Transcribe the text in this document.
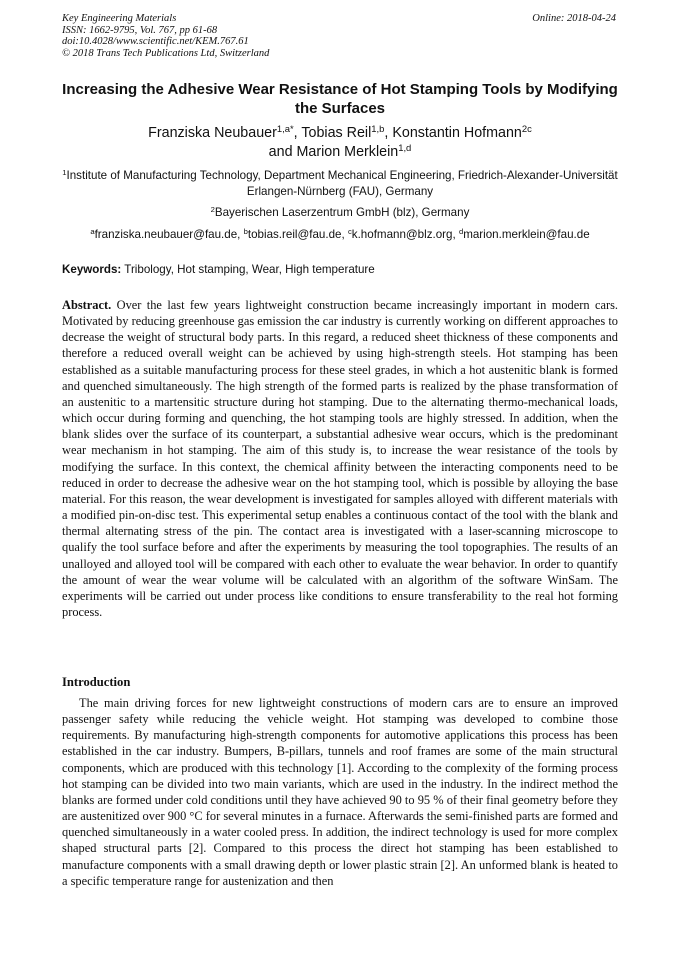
Key Engineering Materials
ISSN: 1662-9795, Vol. 767, pp 61-68
doi:10.4028/www.scientific.net/KEM.767.61
© 2018 Trans Tech Publications Ltd, Switzerland
Online: 2018-04-24
Increasing the Adhesive Wear Resistance of Hot Stamping Tools by Modifying the Surfaces
Franziska Neubauer$^{1,a*}$, Tobias Reil$^{1,b}$, Konstantin Hofmann$^{2c}$
and Marion Merklein$^{1,d}$
$^1$Institute of Manufacturing Technology, Department Mechanical Engineering, Friedrich-Alexander-Universität Erlangen-Nürnberg (FAU), Germany
$^2$Bayerischen Laserzentrum GmbH (blz), Germany
$^a$franziska.neubauer@fau.de, $^b$tobias.reil@fau.de, $^c$k.hofmann@blz.org, $^d$marion.merklein@fau.de
Keywords: Tribology, Hot stamping, Wear, High temperature
Abstract. Over the last few years lightweight construction became increasingly important in modern cars. Motivated by reducing greenhouse gas emission the car industry is currently working on different approaches to decrease the weight of structural body parts. In this regard, a reduced sheet thickness of these components and therefore a reduced overall weight can be achieved by using high-strength steels. Hot stamping has been established as a suitable manufacturing process for these steel grades, in which a hot austenitic blank is formed and quenched simultaneously. The high strength of the formed parts is realized by the phase transformation of an austenitic to a martensitic structure during hot stamping. Due to the alternating thermo-mechanical loads, which occur during forming and quenching, the hot stamping tools are highly stressed. In addition, when the blank slides over the surface of its counterpart, a substantial adhesive wear occurs, which is the predominant wear mechanism in hot stamping. The aim of this study is, to increase the wear resistance of the tools by modifying the surface. In this context, the chemical affinity between the interacting components need to be reduced in order to decrease the adhesive wear on the hot stamping tool, which is possible by alloying the base material. For this reason, the wear development is investigated for samples alloyed with different materials with a modified pin-on-disc test. This experimental setup enables a continuous contact of the tool with the blank and thermal alternating stress of the pin. The contact area is investigated with a laser-scanning microscope to qualify the tool surface before and after the experiments by measuring the tool topographies. The results of an unalloyed and alloyed tool will be compared with each other to evaluate the wear behavior. In order to quantify the amount of wear the wear volume will be calculated with an algorithm of the software WinSam. The experiments will be carried out under process like conditions to ensure transferability to the real hot forming process.
Introduction
The main driving forces for new lightweight constructions of modern cars are to ensure an improved passenger safety while reducing the vehicle weight. Hot stamping was developed to combine those requirements. By manufacturing high-strength components for automotive applications this process has been established in the car industry. Bumpers, B-pillars, tunnels and roof frames are some of the main structural components, which are produced with this technology [1]. According to the complexity of the forming process hot stamping can be divided into two main variants, which are used in the industry. In the indirect method the blanks are formed under cold conditions until they have achieved 90 to 95 % of their final geometry before they are austenitized over 900 °C for several minutes in a furnace. Afterwards the semi-finished parts are formed and quenched simultaneously in a water cooled press. In addition, the indirect technology is used for more complex shaped structural parts [2]. Compared to this process the direct hot stamping has been established to manufacture components with a small drawing depth or lower plastic strain [2]. An unformed blank is heated to a specific temperature range for austenization and then
